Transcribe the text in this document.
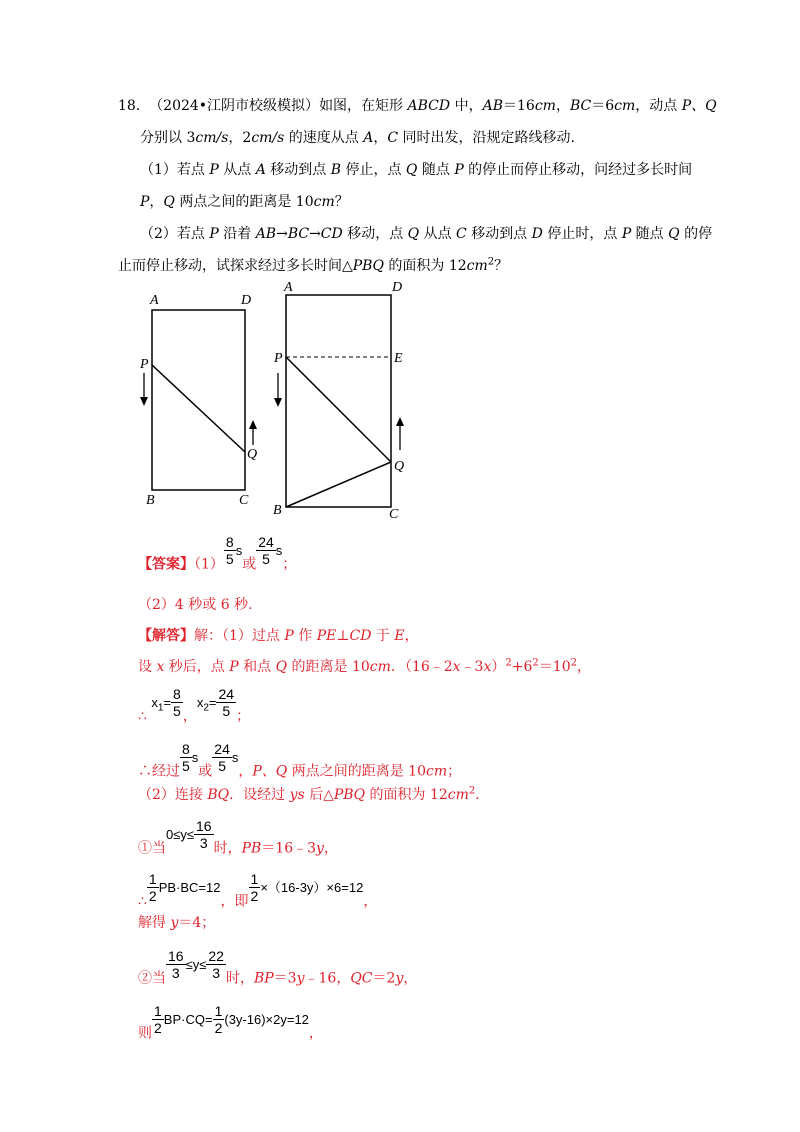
18. （2024•江阴市校级模拟）如图，在矩形 ABCD 中，AB＝16cm，BC＝6cm，动点 P、Q
分别以 3cm/s，2cm/s 的速度从点 A，C 同时出发，沿规定路线移动.
（1）若点 P 从点 A 移动到点 B 停止，点 Q 随点 P 的停止而停止移动，问经过多长时间
P，Q 两点之间的距离是 10cm？
（2）若点 P 沿着 AB→BC→CD 移动，点 Q 从点 C 移动到点 D 停止时，点 P 随点 Q 的停
止而停止移动，试探求经过多长时间△PBQ 的面积为 $12cm^2$？
A	D
P
Q
B	C
A	D
P	E
Q
B	C
【答案】$(1) \frac{8}{5}$ s或 $\frac{24}{5}$ s；
（2）4 秒或 6 秒.
【解答】解：（1）过点 P 作 PE⊥CD 于 E，
设 x 秒后，点 P 和点 Q 的距离是 10cm．$(16﹣2x﹣3x)^2+6^2=10^2$，
∴ $x_1= \frac{8}{5}$ ，$x_2= \frac{24}{5}$ ；
∴经过 $\frac{8}{5}$ s或 $\frac{24}{5}$ s，P、Q 两点之间的距离是 10cm；
（2）连接 BQ．设经过 ys 后△PBQ 的面积为 $12cm^2$.
①当$0\le y\le \frac{16}{3}$ 时，PB＝16﹣3y，
∴ $\frac{1}{2} PB\cdot BC=12$，即 $\frac{1}{2} \times(16-3y)\times 6=12$，
解得 y＝4；
②当 $\frac{16}{3} \le y\le \frac{22}{3}$ 时，BP＝3y﹣16，QC＝2y，
则 $\frac{1}{2} BP\cdot CQ= \frac{1}{2} (3y-16)\times 2y=12$，
